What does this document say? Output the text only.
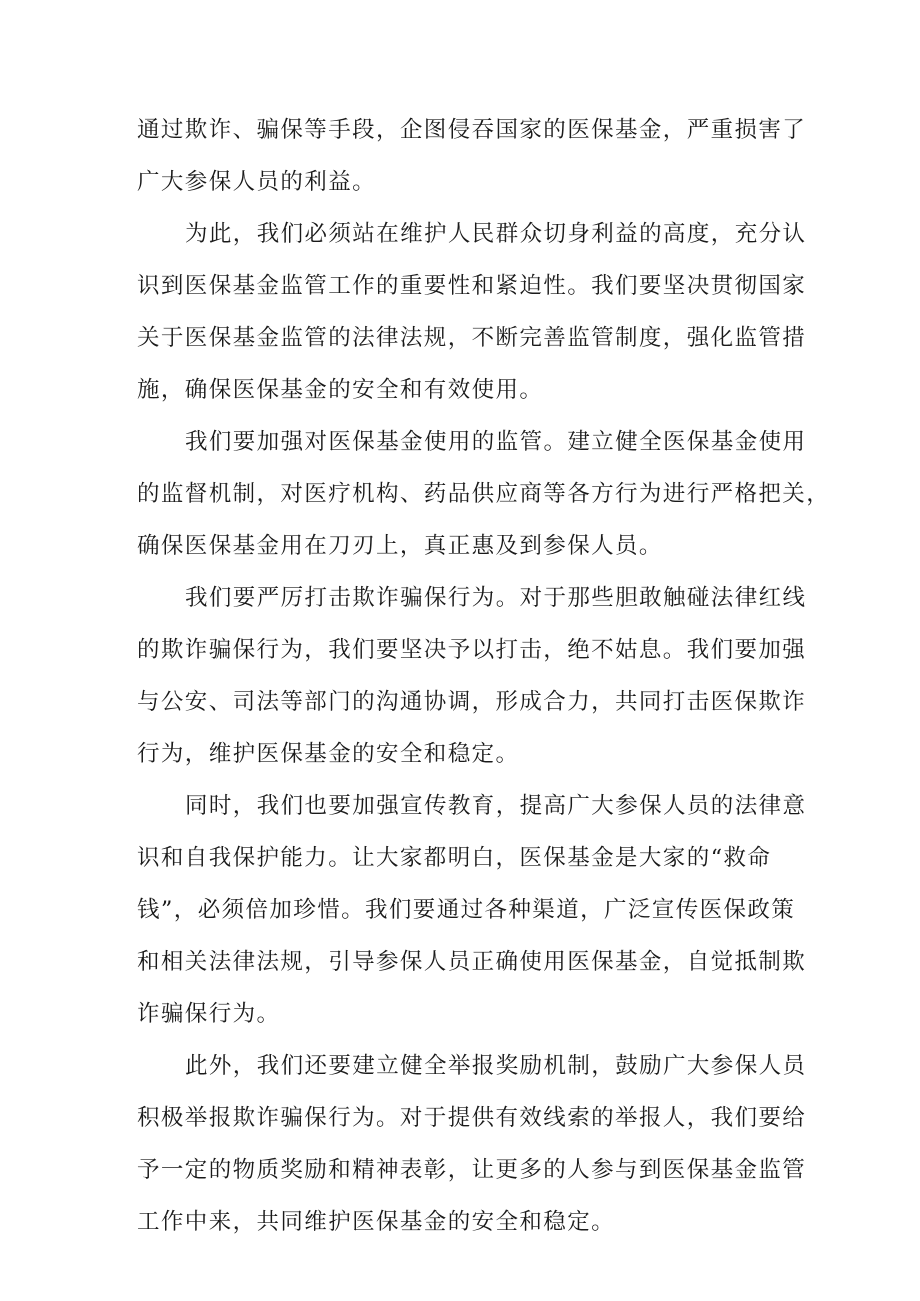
通过欺诈、骗保等手段，企图侵吞国家的医保基金，严重损害了
广大参保人员的利益。
为此，我们必须站在维护人民群众切身利益的高度，充分认
识到医保基金监管工作的重要性和紧迫性。我们要坚决贯彻国家
关于医保基金监管的法律法规，不断完善监管制度，强化监管措
施，确保医保基金的安全和有效使用。
我们要加强对医保基金使用的监管。建立健全医保基金使用
的监督机制，对医疗机构、药品供应商等各方行为进行严格把关，
确保医保基金用在刀刃上，真正惠及到参保人员。
我们要严厉打击欺诈骗保行为。对于那些胆敢触碰法律红线
的欺诈骗保行为，我们要坚决予以打击，绝不姑息。我们要加强
与公安、司法等部门的沟通协调，形成合力，共同打击医保欺诈
行为，维护医保基金的安全和稳定。
同时，我们也要加强宣传教育，提高广大参保人员的法律意
识和自我保护能力。让大家都明白，医保基金是大家的“救命
钱”，必须倍加珍惜。我们要通过各种渠道，广泛宣传医保政策
和相关法律法规，引导参保人员正确使用医保基金，自觉抵制欺
诈骗保行为。
此外，我们还要建立健全举报奖励机制，鼓励广大参保人员
积极举报欺诈骗保行为。对于提供有效线索的举报人，我们要给
予一定的物质奖励和精神表彰，让更多的人参与到医保基金监管
工作中来，共同维护医保基金的安全和稳定。
